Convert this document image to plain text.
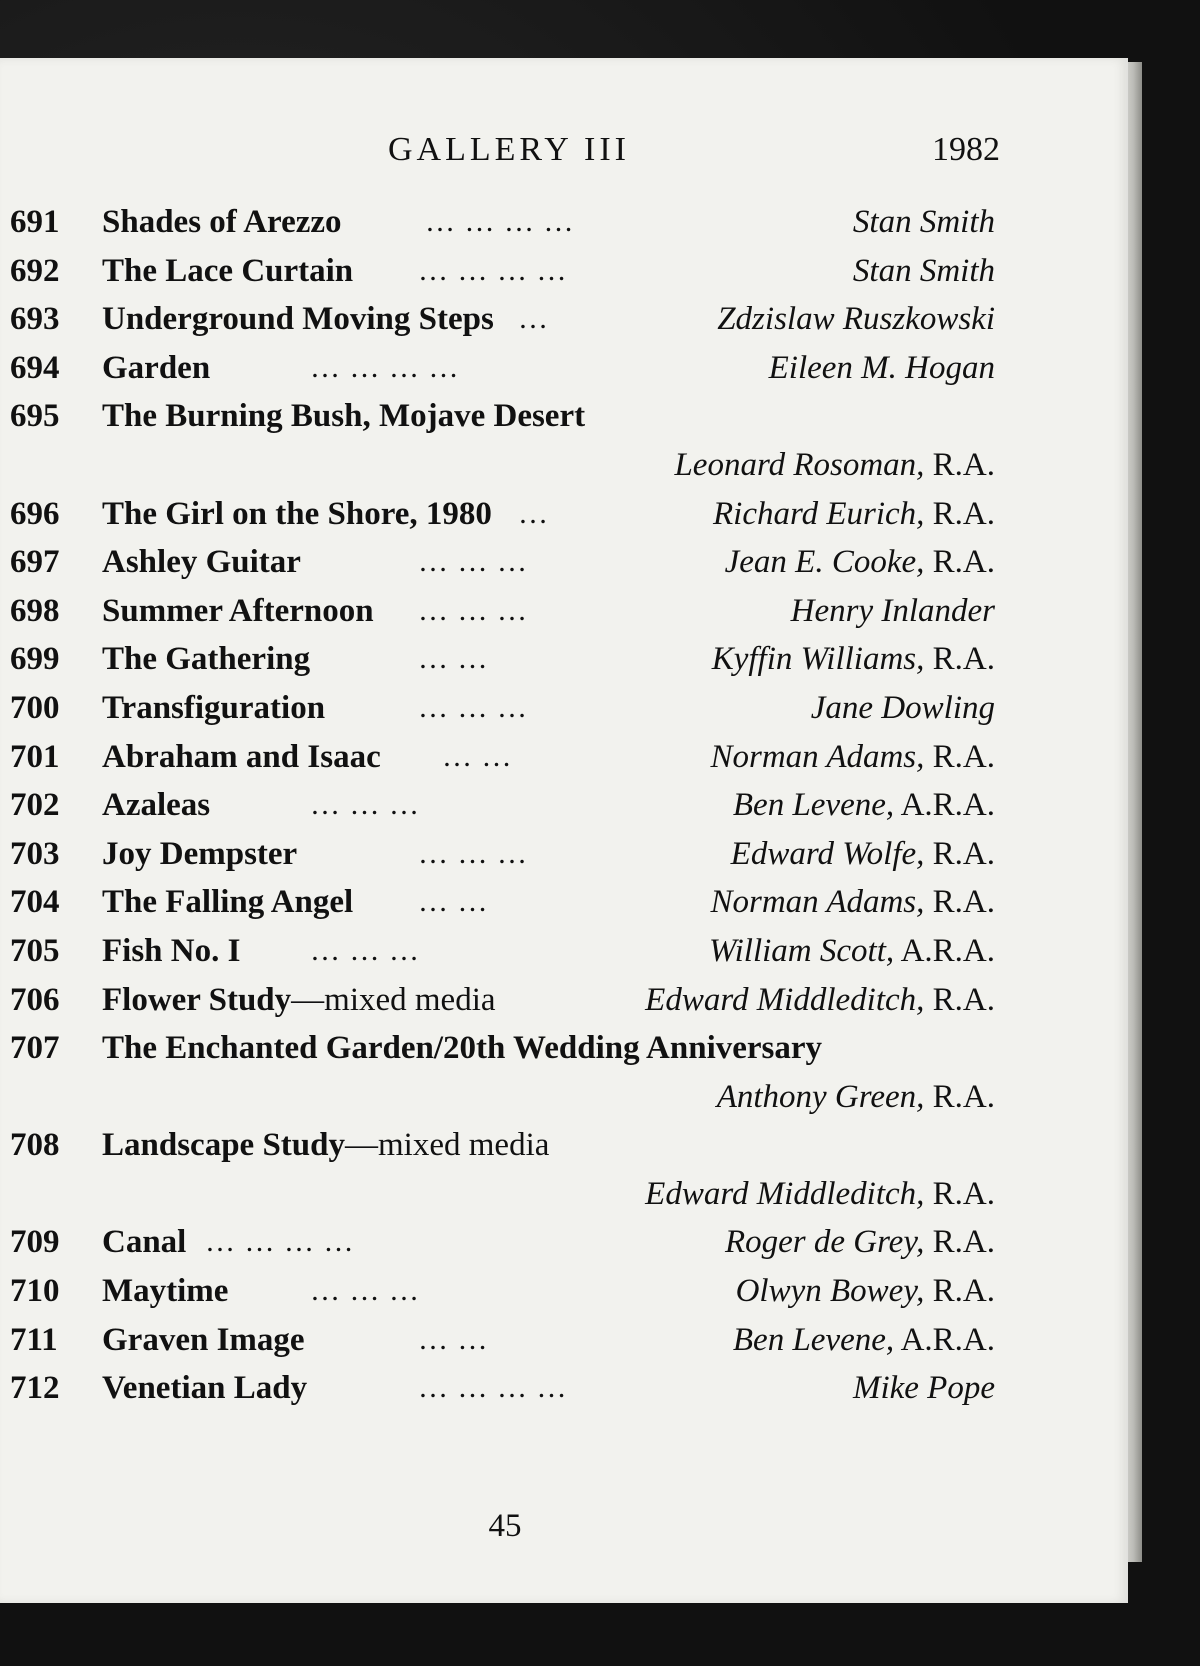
GALLERY III	1982
691	Shades of Arezzo	… … … …	Stan Smith
692	The Lace Curtain … … … …	Stan Smith
693	Underground Moving Steps …	Zdzislaw Ruszkowski
694	Garden	… … … …	Eileen M. Hogan
695	The Burning Bush, Mojave Desert
Leonard Rosoman, R.A.
696	The Girl on the Shore, 1980 …	Richard Eurich, R.A.
697	Ashley Guitar	… … …	Jean E. Cooke, R.A.
698	Summer Afternoon … … …	Henry Inlander
699	The Gathering	… …	Kyffin Williams, R.A.
700	Transfiguration	… … …	Jane Dowling
701	Abraham and Isaac … …	Norman Adams, R.A.
702	Azaleas	… … …	Ben Levene, A.R.A.
703	Joy Dempster	… … …	Edward Wolfe, R.A.
704	The Falling Angel … …	Norman Adams, R.A.
705	Fish No. I … … …	William Scott, A.R.A.
706	Flower Study—mixed media	Edward Middleditch, R.A.
707	The Enchanted Garden/20th Wedding Anniversary
Anthony Green, R.A.
708	Landscape Study—mixed media
Edward Middleditch, R.A.
709	Canal … … … …	Roger de Grey, R.A.
710	Maytime	… … …	Olwyn Bowey, R.A.
711	Graven Image	… …	Ben Levene, A.R.A.
712	Venetian Lady	… … … …	Mike Pope
45
